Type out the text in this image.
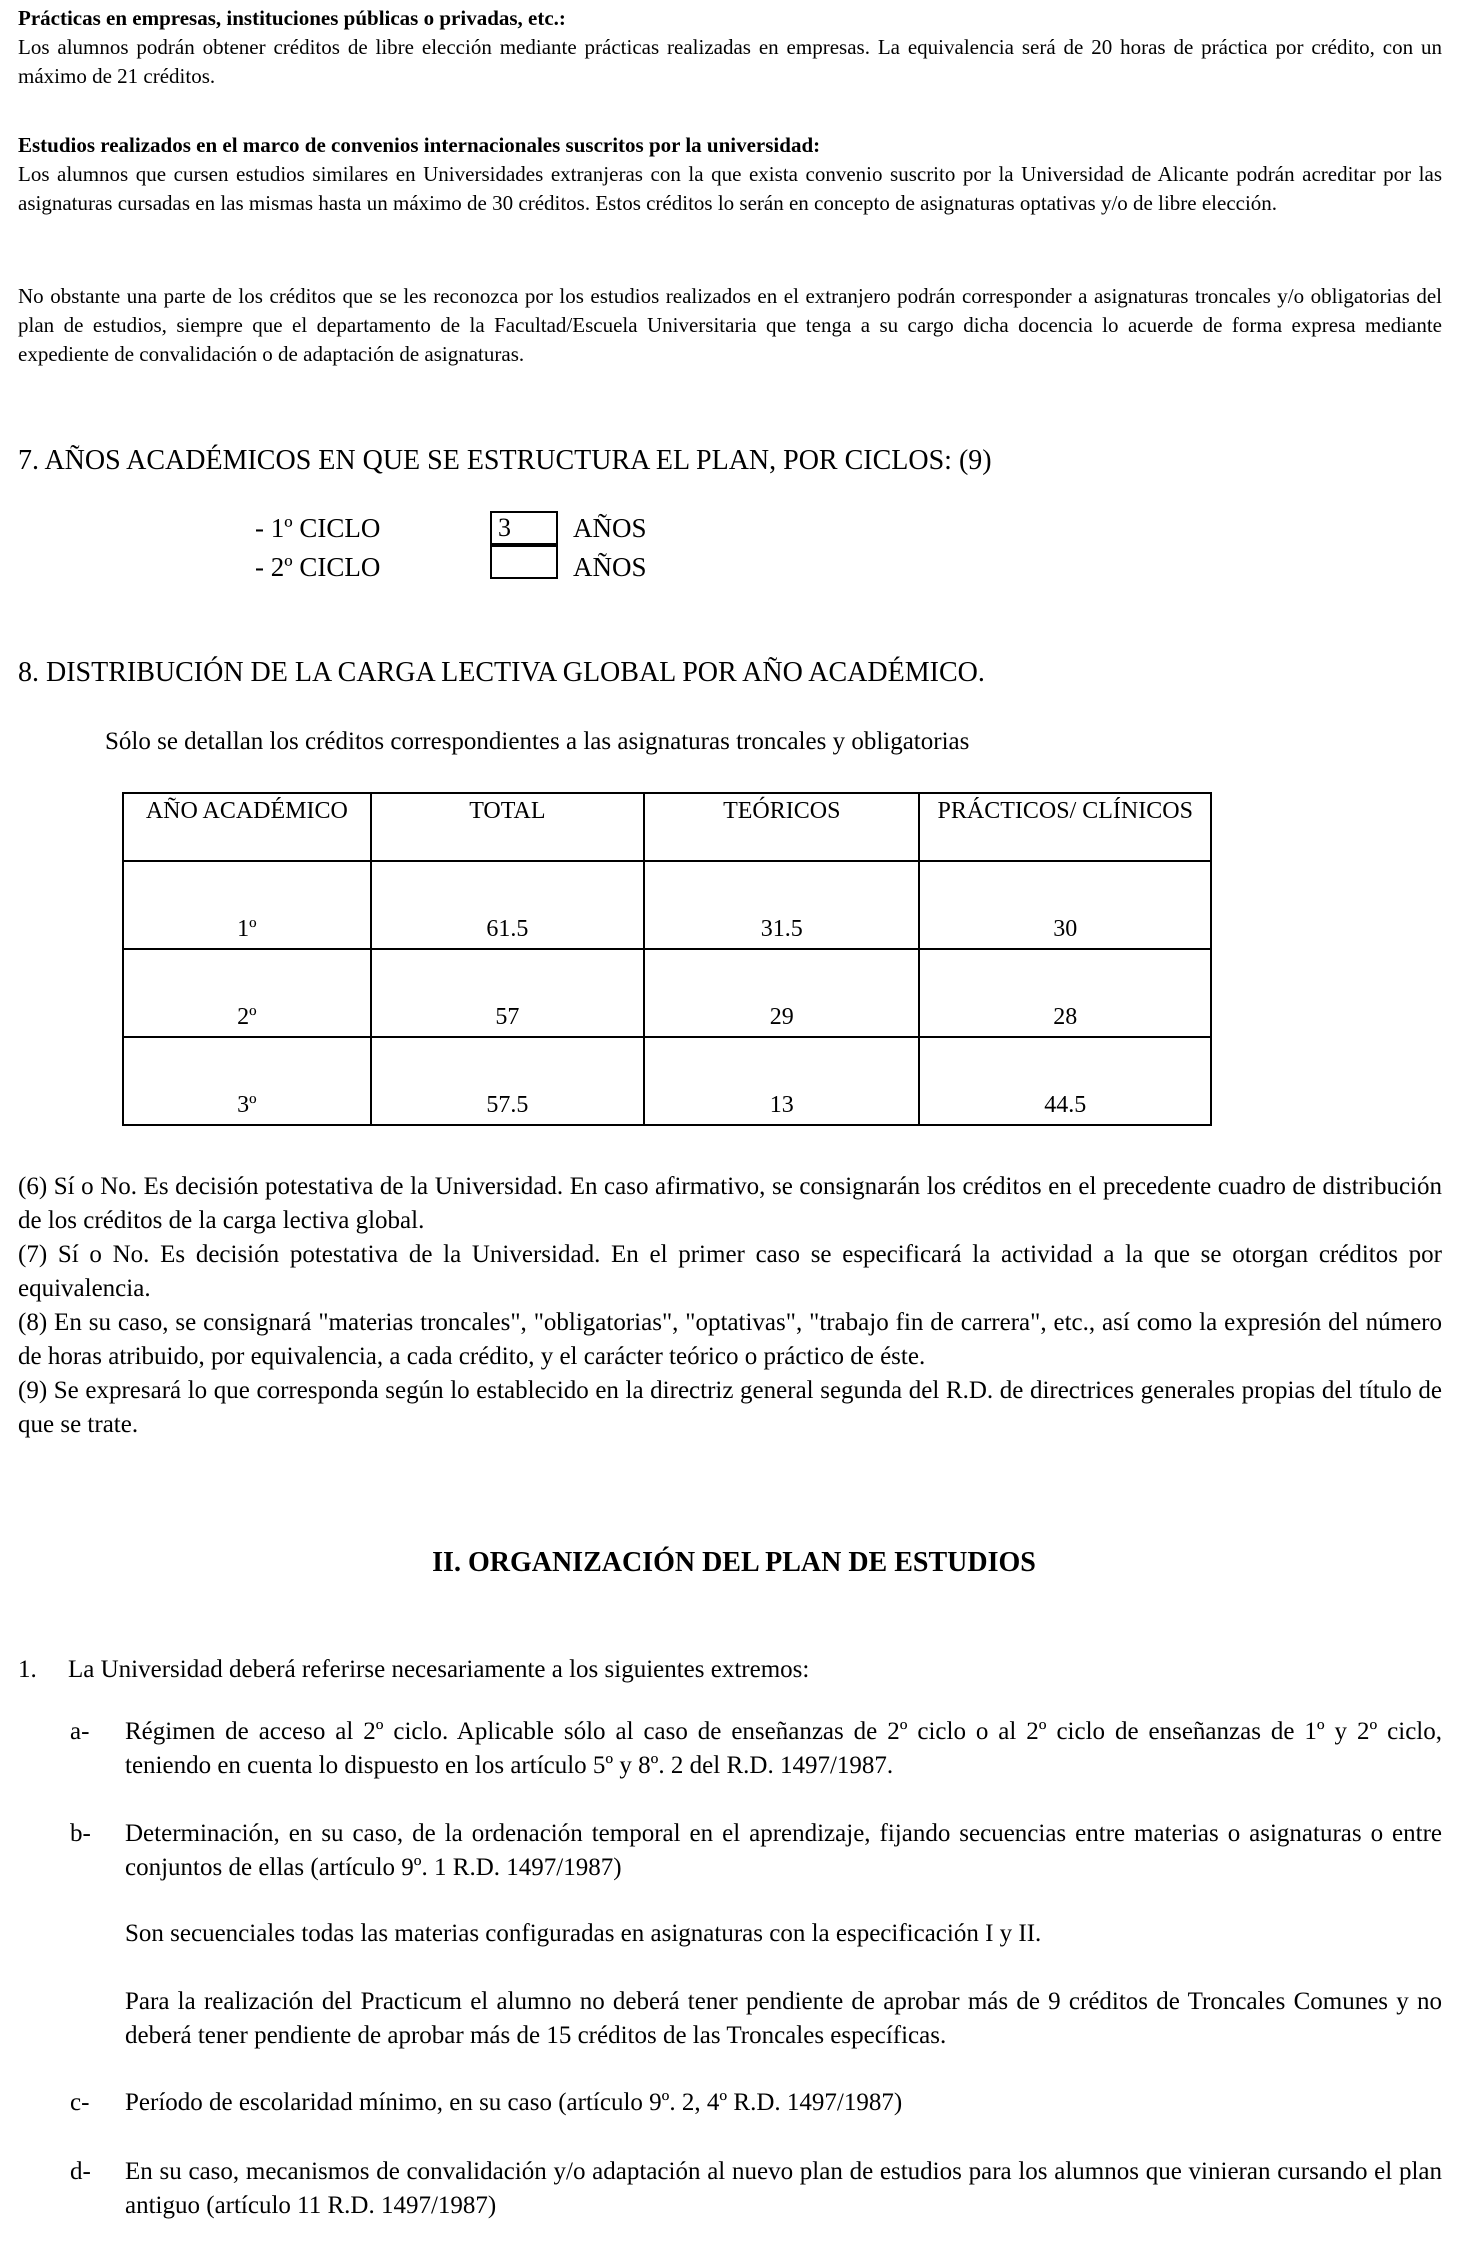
Prácticas en empresas, instituciones públicas o privadas, etc.:
Los alumnos podrán obtener créditos de libre elección mediante prácticas realizadas en empresas. La equivalencia será de 20 horas de práctica por crédito, con un máximo de 21 créditos.
Estudios realizados en el marco de convenios internacionales suscritos por la universidad:
Los alumnos que cursen estudios similares en Universidades extranjeras con la que exista convenio suscrito por la Universidad de Alicante podrán acreditar por las asignaturas cursadas en las mismas hasta un máximo de 30 créditos. Estos créditos lo serán en concepto de asignaturas optativas y/o de libre elección.
No obstante una parte de los créditos que se les reconozca por los estudios realizados en el extranjero podrán corresponder a asignaturas troncales y/o obligatorias del plan de estudios, siempre que el departamento de la Facultad/Escuela Universitaria que tenga a su cargo dicha docencia lo acuerde de forma expresa mediante expediente de convalidación o de adaptación de asignaturas.
7. AÑOS ACADÉMICOS EN QUE SE ESTRUCTURA EL PLAN, POR CICLOS: (9)
- 1º CICLO	3	AÑOS
- 2º CICLO	AÑOS
8. DISTRIBUCIÓN DE LA CARGA LECTIVA GLOBAL POR AÑO ACADÉMICO.
Sólo se detallan los créditos correspondientes a las asignaturas troncales y obligatorias
AÑO ACADÉMICO	TOTAL	TEÓRICOS	PRÁCTICOS/ CLÍNICOS
1º	61.5	31.5	30
2º	57	29	28
3º	57.5	13	44.5
(6) Sí o No. Es decisión potestativa de la Universidad. En caso afirmativo, se consignarán los créditos en el precedente cuadro de distribución de los créditos de la carga lectiva global.
(7) Sí o No. Es decisión potestativa de la Universidad. En el primer caso se especificará la actividad a la que se otorgan créditos por equivalencia.
(8) En su caso, se consignará "materias troncales", "obligatorias", "optativas", "trabajo fin de carrera", etc., así como la expresión del número de horas atribuido, por equivalencia, a cada crédito, y el carácter teórico o práctico de éste.
(9) Se expresará lo que corresponda según lo establecido en la directriz general segunda del R.D. de directrices generales propias del título de que se trate.
II. ORGANIZACIÓN DEL PLAN DE ESTUDIOS
1. La Universidad deberá referirse necesariamente a los siguientes extremos:
a- Régimen de acceso al 2º ciclo. Aplicable sólo al caso de enseñanzas de 2º ciclo o al 2º ciclo de enseñanzas de 1º y 2º ciclo, teniendo en cuenta lo dispuesto en los artículo 5º y 8º. 2 del R.D. 1497/1987.
b- Determinación, en su caso, de la ordenación temporal en el aprendizaje, fijando secuencias entre materias o asignaturas o entre conjuntos de ellas (artículo 9º. 1 R.D. 1497/1987)
Son secuenciales todas las materias configuradas en asignaturas con la especificación I y II.
Para la realización del Practicum el alumno no deberá tener pendiente de aprobar más de 9 créditos de Troncales Comunes y no deberá tener pendiente de aprobar más de 15 créditos de las Troncales específicas.
c- Período de escolaridad mínimo, en su caso (artículo 9º. 2, 4º R.D. 1497/1987)
d- En su caso, mecanismos de convalidación y/o adaptación al nuevo plan de estudios para los alumnos que vinieran cursando el plan antiguo (artículo 11 R.D. 1497/1987)
